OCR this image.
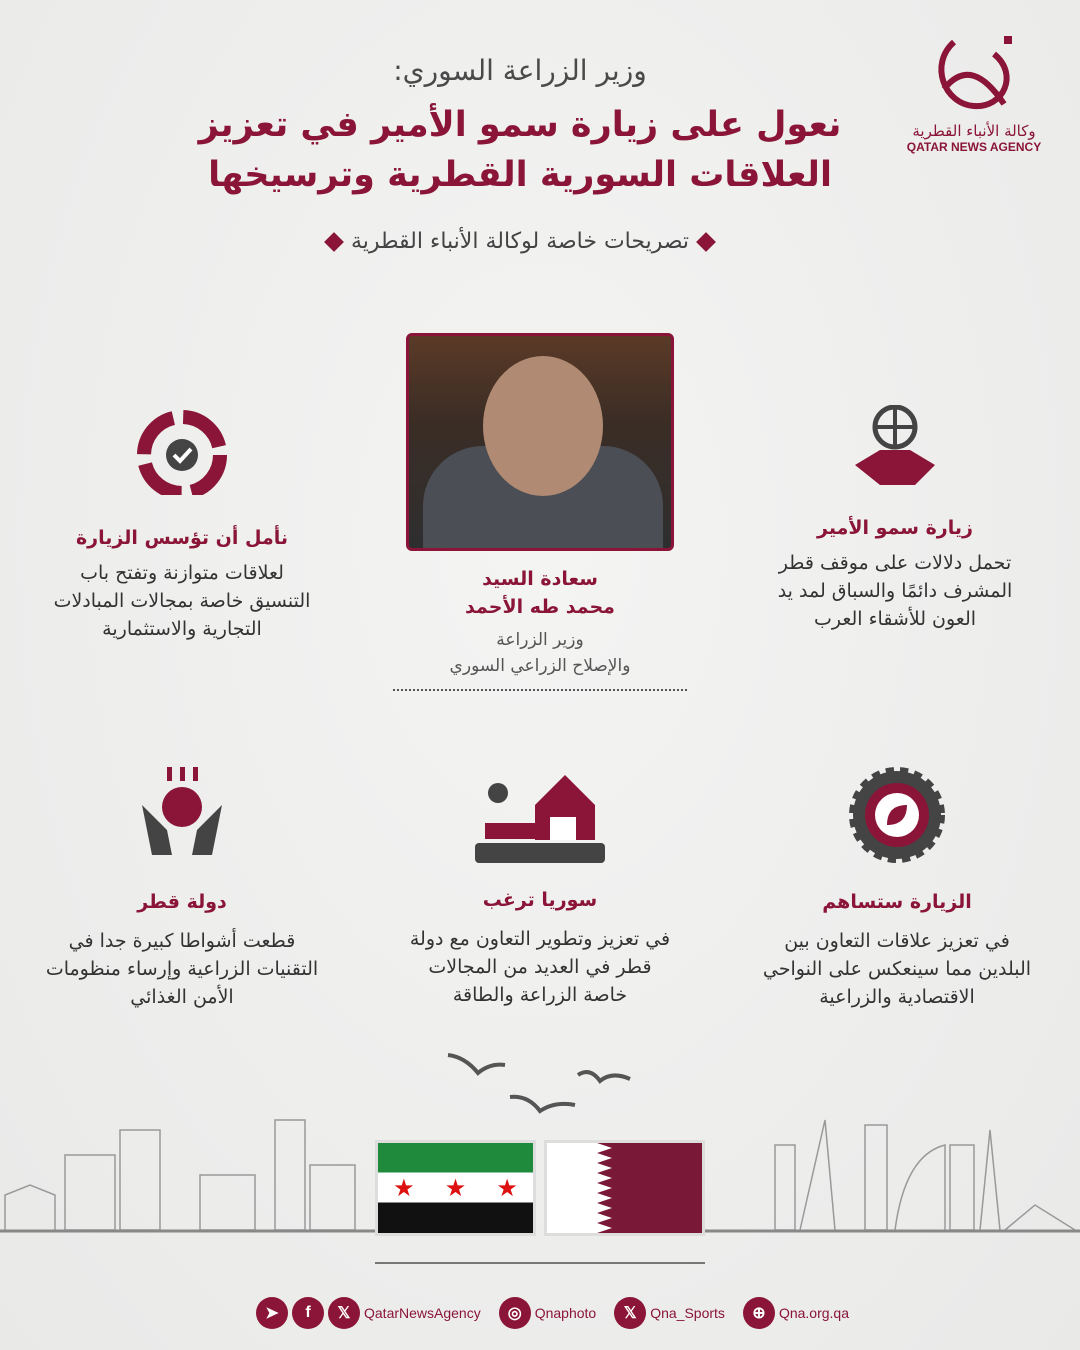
وكالة الأنباء القطرية
QATAR NEWS AGENCY
وزير الزراعة السوري:
نعول على زيارة سمو الأمير في تعزيز
العلاقات السورية القطرية وترسيخها
تصريحات خاصة لوكالة الأنباء القطرية
سعادة السيد
محمد طه الأحمد
وزير الزراعة
والإصلاح الزراعي السوري
زيارة سمو الأمير
تحمل دلالات على موقف قطر
المشرف دائمًا والسباق لمد يد
العون للأشقاء العرب
نأمل أن تؤسس الزيارة
لعلاقات متوازنة وتفتح باب
التنسيق خاصة بمجالات المبادلات
التجارية والاستثمارية
الزيارة ستساهم
في تعزيز علاقات التعاون بين
البلدين مما سينعكس على النواحي
الاقتصادية والزراعية
سوريا ترغب
في تعزيز وتطوير التعاون مع دولة
قطر في العديد من المجالات
خاصة الزراعة والطاقة
دولة قطر
قطعت أشواطا كبيرة جدا في
التقنيات الزراعية وإرساء منظومات
الأمن الغذائي
★ ★ ★
➤	f	𝕏 QatarNewsAgency	◎ Qnaphoto	𝕏 Qna_Sports	⊕ Qna.org.qa
